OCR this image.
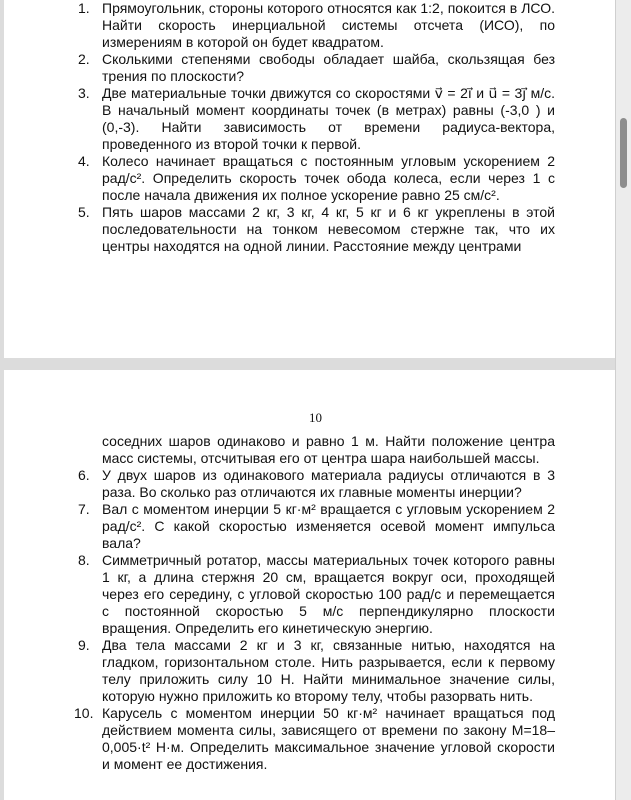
1. Прямоугольник, стороны которого относятся как 1:2, покоится в ЛСО. Найти скорость инерциальной системы отсчета (ИСО), по измерениям в которой он будет квадратом.
2. Сколькими степенями свободы обладает шайба, скользящая без трения по плоскости?
3. Две материальные точки движутся со скоростями v⃗ = 2ı⃗ и u⃗ = 3ȷ⃗ м/с. В начальный момент координаты точек (в метрах) равны (-3,0 ) и (0,-3). Найти зависимость от времени радиуса-вектора, проведенного из второй точки к первой.
4. Колесо начинает вращаться с постоянным угловым ускорением 2 рад/с². Определить скорость точек обода колеса, если через 1 с после начала движения их полное ускорение равно 25 см/с².
5. Пять шаров массами 2 кг, 3 кг, 4 кг, 5 кг и 6 кг укреплены в этой последовательности на тонком невесомом стержне так, что их центры находятся на одной линии. Расстояние между центрами
10
соседних шаров одинаково и равно 1 м. Найти положение центра масс системы, отсчитывая его от центра шара наибольшей массы.
6. У двух шаров из одинакового материала радиусы отличаются в 3 раза. Во сколько раз отличаются их главные моменты инерции?
7. Вал с моментом инерции 5 кг·м² вращается с угловым ускорением 2 рад/с². С какой скоростью изменяется осевой момент импульса вала?
8. Симметричный ротатор, массы материальных точек которого равны 1 кг, а длина стержня 20 см, вращается вокруг оси, проходящей через его середину, с угловой скоростью 100 рад/с и перемещается с постоянной скоростью 5 м/с перпендикулярно плоскости вращения. Определить его кинетическую энергию.
9. Два тела массами 2 кг и 3 кг, связанные нитью, находятся на гладком, горизонтальном столе. Нить разрывается, если к первому телу приложить силу 10 Н. Найти минимальное значение силы, которую нужно приложить ко второму телу, чтобы разорвать нить.
10. Карусель с моментом инерции 50 кг·м² начинает вращаться под действием момента силы, зависящего от времени по закону M=18–0,005·t² Н·м. Определить максимальное значение угловой скорости и момент ее достижения.
